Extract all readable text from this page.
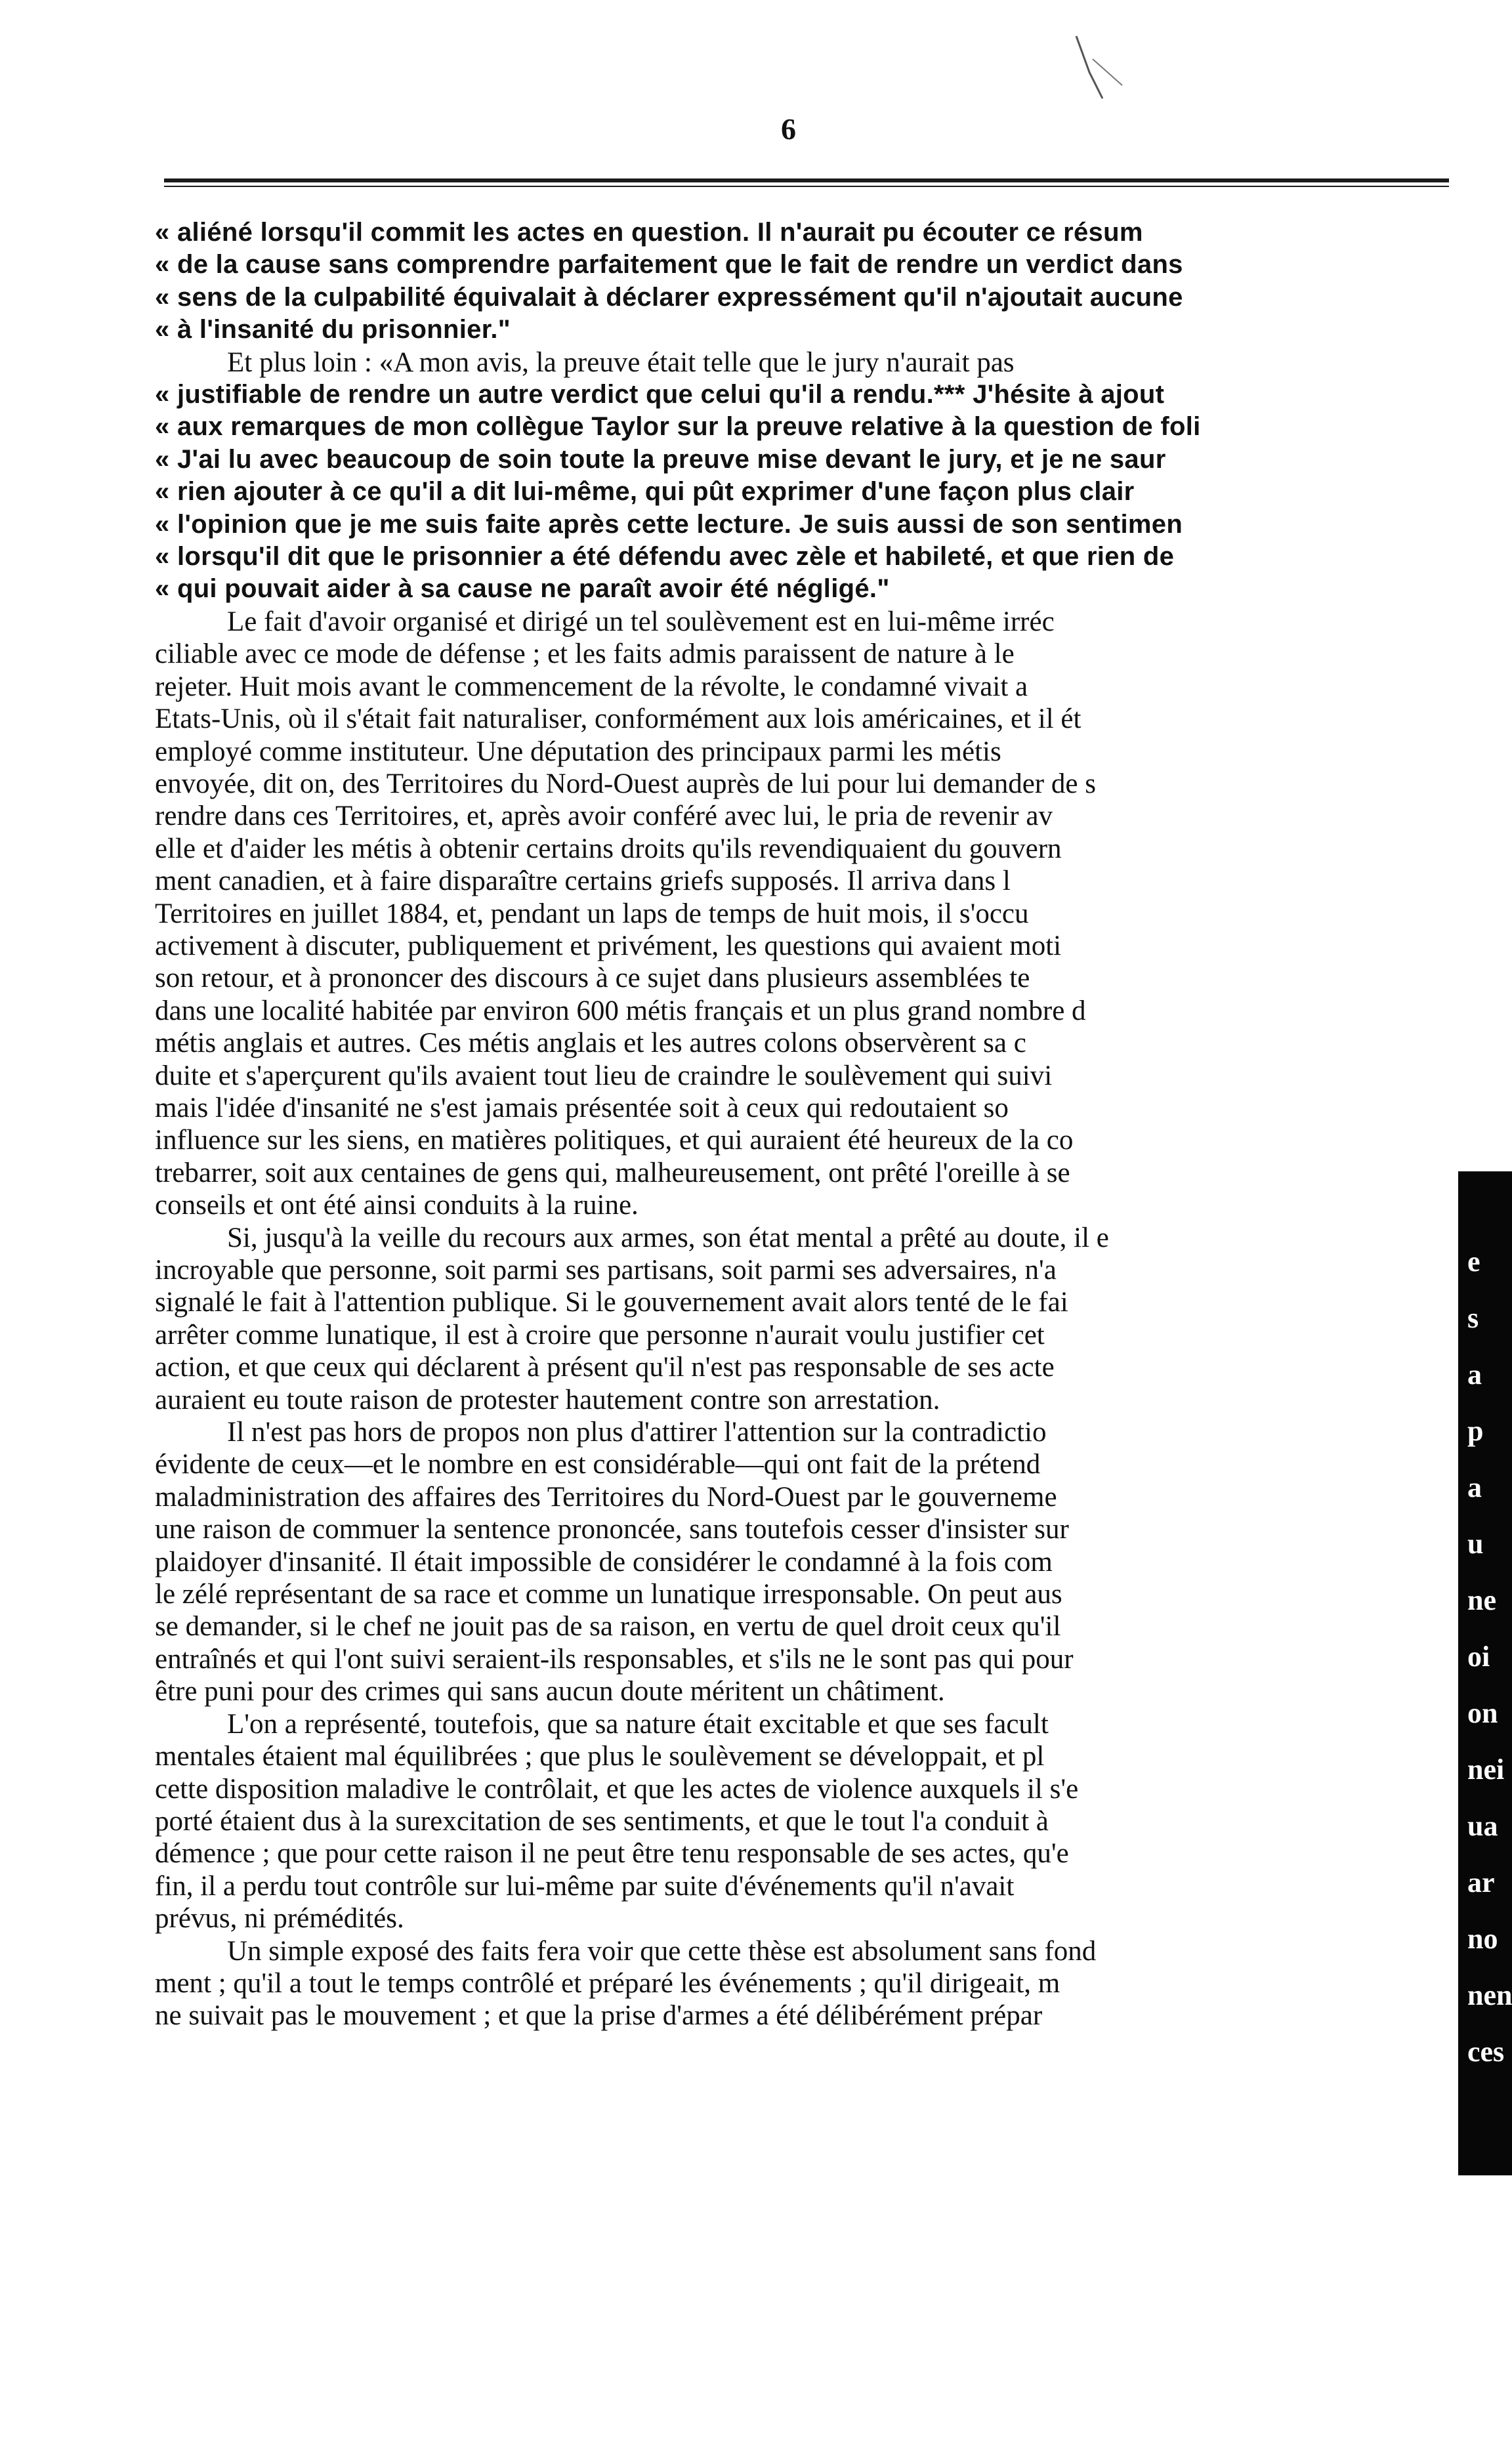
6
« aliéné lorsqu'il commit les actes en question. Il n'aurait pu écouter ce résum
« de la cause sans comprendre parfaitement que le fait de rendre un verdict dans
« sens de la culpabilité équivalait à déclarer expressément qu'il n'ajoutait aucune
« à l'insanité du prisonnier."
Et plus loin : «A mon avis, la preuve était telle que le jury n'aurait pas
« justifiable de rendre un autre verdict que celui qu'il a rendu.*** J'hésite à ajout
« aux remarques de mon collègue Taylor sur la preuve relative à la question de foli
« J'ai lu avec beaucoup de soin toute la preuve mise devant le jury, et je ne saur
« rien ajouter à ce qu'il a dit lui-même, qui pût exprimer d'une façon plus clair
« l'opinion que je me suis faite après cette lecture. Je suis aussi de son sentimen
« lorsqu'il dit que le prisonnier a été défendu avec zèle et habileté, et que rien de
« qui pouvait aider à sa cause ne paraît avoir été négligé."
Le fait d'avoir organisé et dirigé un tel soulèvement est en lui-même irréc
ciliable avec ce mode de défense ; et les faits admis paraissent de nature à le
rejeter. Huit mois avant le commencement de la révolte, le condamné vivait a
Etats-Unis, où il s'était fait naturaliser, conformément aux lois américaines, et il ét
employé comme instituteur. Une députation des principaux parmi les métis
envoyée, dit on, des Territoires du Nord-Ouest auprès de lui pour lui demander de s
rendre dans ces Territoires, et, après avoir conféré avec lui, le pria de revenir av
elle et d'aider les métis à obtenir certains droits qu'ils revendiquaient du gouvern
ment canadien, et à faire disparaître certains griefs supposés. Il arriva dans l
Territoires en juillet 1884, et, pendant un laps de temps de huit mois, il s'occu
activement à discuter, publiquement et privément, les questions qui avaient moti
son retour, et à prononcer des discours à ce sujet dans plusieurs assemblées te
dans une localité habitée par environ 600 métis français et un plus grand nombre d
métis anglais et autres. Ces métis anglais et les autres colons observèrent sa c
duite et s'aperçurent qu'ils avaient tout lieu de craindre le soulèvement qui suivi
mais l'idée d'insanité ne s'est jamais présentée soit à ceux qui redoutaient so
influence sur les siens, en matières politiques, et qui auraient été heureux de la co
trebarrer, soit aux centaines de gens qui, malheureusement, ont prêté l'oreille à se
conseils et ont été ainsi conduits à la ruine.
Si, jusqu'à la veille du recours aux armes, son état mental a prêté au doute, il e
incroyable que personne, soit parmi ses partisans, soit parmi ses adversaires, n'a
signalé le fait à l'attention publique. Si le gouvernement avait alors tenté de le fai
arrêter comme lunatique, il est à croire que personne n'aurait voulu justifier cet
action, et que ceux qui déclarent à présent qu'il n'est pas responsable de ses acte
auraient eu toute raison de protester hautement contre son arrestation.
Il n'est pas hors de propos non plus d'attirer l'attention sur la contradictio
évidente de ceux—et le nombre en est considérable—qui ont fait de la prétend
maladministration des affaires des Territoires du Nord-Ouest par le gouverneme
une raison de commuer la sentence prononcée, sans toutefois cesser d'insister sur
plaidoyer d'insanité. Il était impossible de considérer le condamné à la fois com
le zélé représentant de sa race et comme un lunatique irresponsable. On peut aus
se demander, si le chef ne jouit pas de sa raison, en vertu de quel droit ceux qu'il
entraînés et qui l'ont suivi seraient-ils responsables, et s'ils ne le sont pas qui pour
être puni pour des crimes qui sans aucun doute méritent un châtiment.
L'on a représenté, toutefois, que sa nature était excitable et que ses facult
mentales étaient mal équilibrées ; que plus le soulèvement se développait, et pl
cette disposition maladive le contrôlait, et que les actes de violence auxquels il s'e
porté étaient dus à la surexcitation de ses sentiments, et que le tout l'a conduit à
démence ; que pour cette raison il ne peut être tenu responsable de ses actes, qu'e
fin, il a perdu tout contrôle sur lui-même par suite d'événements qu'il n'avait
prévus, ni prémédités.
Un simple exposé des faits fera voir que cette thèse est absolument sans fond
ment ; qu'il a tout le temps contrôlé et préparé les événements ; qu'il dirigeait, m
ne suivait pas le mouvement ; et que la prise d'armes a été délibérément prépar
e
s
a
p
a
u
ne
oi
on
nei
ua
ar
no
nen
ces
